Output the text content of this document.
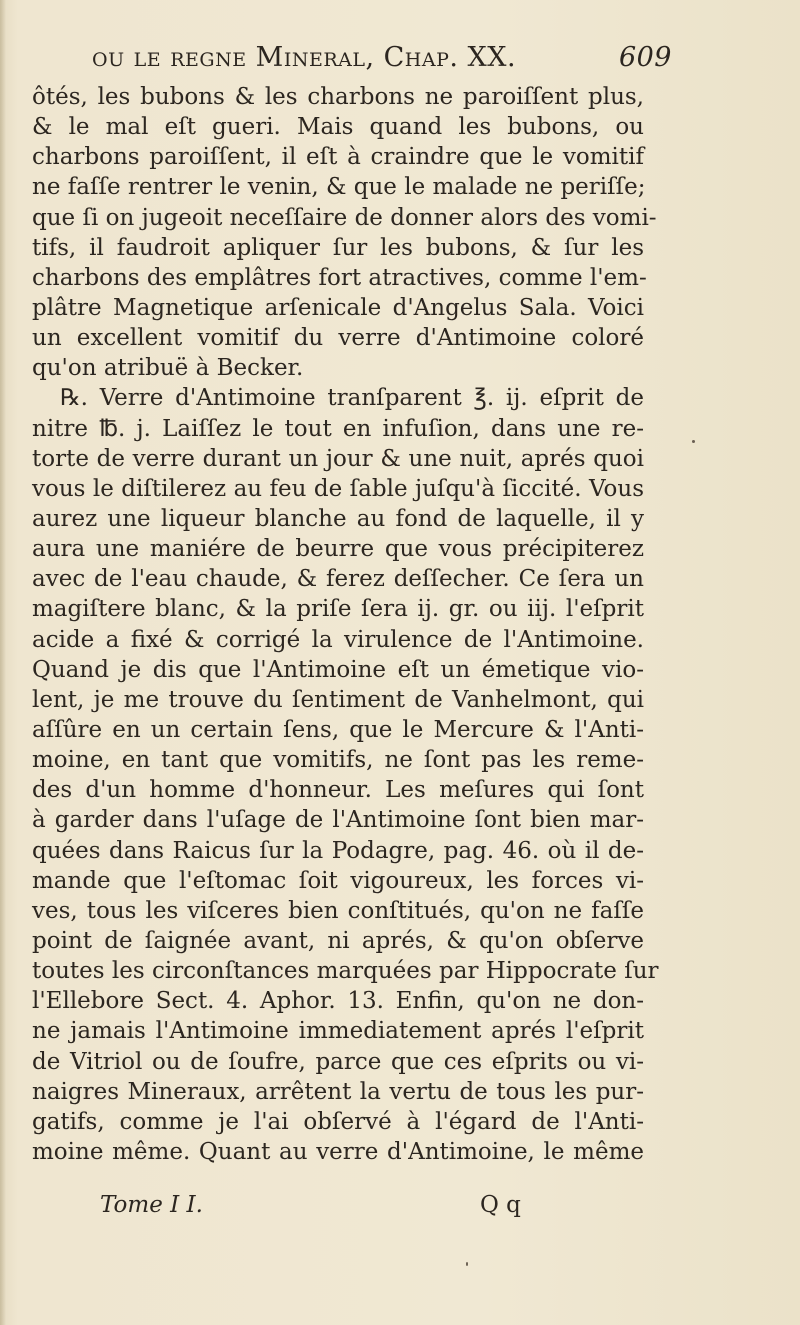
ou le regne Mineral, Chap. XX.	609
ôtés, les bubons & les charbons ne paroiſſent plus,
& le mal eſt gueri. Mais quand les bubons, ou
charbons paroiſſent, il eſt à craindre que le vomitif
ne faſſe rentrer le venin, & que le malade ne periſſe;
que ſi on jugeoit neceſſaire de donner alors des vomi-
tifs, il faudroit apliquer ſur les bubons, & ſur les
charbons des emplâtres fort atractives, comme l'em-
plâtre Magnetique arſenicale d'Angelus Sala. Voici
un excellent vomitif du verre d'Antimoine coloré
qu'on atribuë à Becker.
℞. Verre d'Antimoine tranſparent ℥. ij. eſprit de
nitre ℔. j. Laiſſez le tout en infuſion, dans une re-
torte de verre durant un jour & une nuit, aprés quoi
vous le diſtilerez au feu de ſable juſqu'à ſiccité. Vous
aurez une liqueur blanche au fond de laquelle, il y
aura une maniére de beurre que vous précipiterez
avec de l'eau chaude, & ferez deſſecher. Ce ſera un
magiſtere blanc, & la priſe ſera ij. gr. ou iij. l'eſprit
acide a fixé & corrigé la virulence de l'Antimoine.
Quand je dis que l'Antimoine eſt un émetique vio-
lent, je me trouve du ſentiment de Vanhelmont, qui
aſſûre en un certain ſens, que le Mercure & l'Anti-
moine, en tant que vomitifs, ne ſont pas les reme-
des d'un homme d'honneur. Les meſures qui ſont
à garder dans l'uſage de l'Antimoine ſont bien mar-
quées dans Raicus ſur la Podagre, pag. 46. où il de-
mande que l'eſtomac ſoit vigoureux, les forces vi-
ves, tous les viſceres bien conſtitués, qu'on ne faſſe
point de ſaignée avant, ni aprés, & qu'on obſerve
toutes les circonſtances marquées par Hippocrate ſur
l'Ellebore Sect. 4. Aphor. 13. Enfin, qu'on ne don-
ne jamais l'Antimoine immediatement aprés l'eſprit
de Vitriol ou de ſoufre, parce que ces eſprits ou vi-
naigres Mineraux, arrêtent la vertu de tous les pur-
gatifs, comme je l'ai obſervé à l'égard de l'Anti-
moine même. Quant au verre d'Antimoine, le même
Tome I I.	Q q
